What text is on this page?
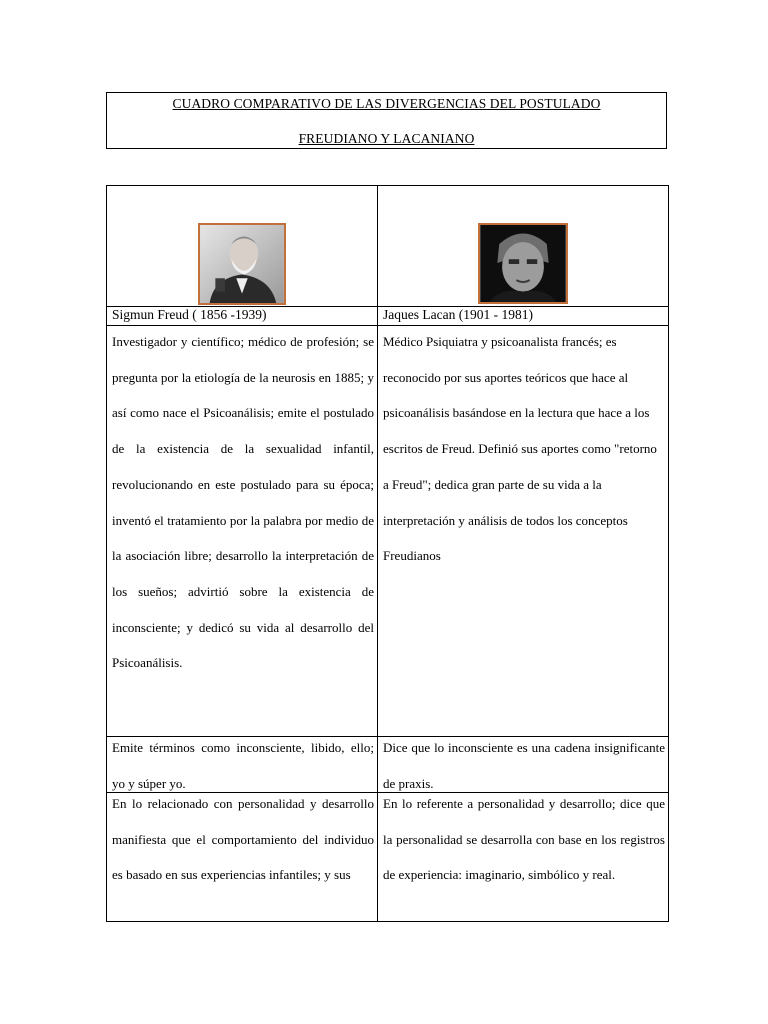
CUADRO COMPARATIVO DE LAS DIVERGENCIAS DEL POSTULADO
FREUDIANO Y LACANIANO
Sigmun Freud ( 1856 -1939)	Jaques Lacan (1901 - 1981)

Investigador y científico; médico de profesión; se pregunta por la etiología de la neurosis en 1885; y así como nace el Psicoanálisis; emite el postulado de la existencia de la sexualidad infantil, revolucionando en este postulado para su época; inventó el tratamiento por la palabra por medio de la asociación libre; desarrollo la interpretación de los sueños; advirtió sobre la existencia de inconsciente; y dedicó su vida al desarrollo del Psicoanálisis.

Médico Psiquiatra y psicoanalista francés; es reconocido por sus aportes teóricos que hace al psicoanálisis basándose en la lectura que hace a los escritos de Freud. Definió sus aportes como "retorno a Freud"; dedica gran parte de su vida a la interpretación y análisis de todos los conceptos Freudianos

Emite términos como inconsciente, libido, ello; yo y súper yo.

Dice que lo inconsciente es una cadena insignificante de praxis.

En lo relacionado con personalidad y desarrollo manifiesta que el comportamiento del individuo es basado en sus experiencias infantiles; y sus

En lo referente a personalidad y desarrollo; dice que la personalidad se desarrolla con base en los registros de experiencia: imaginario, simbólico y real.
